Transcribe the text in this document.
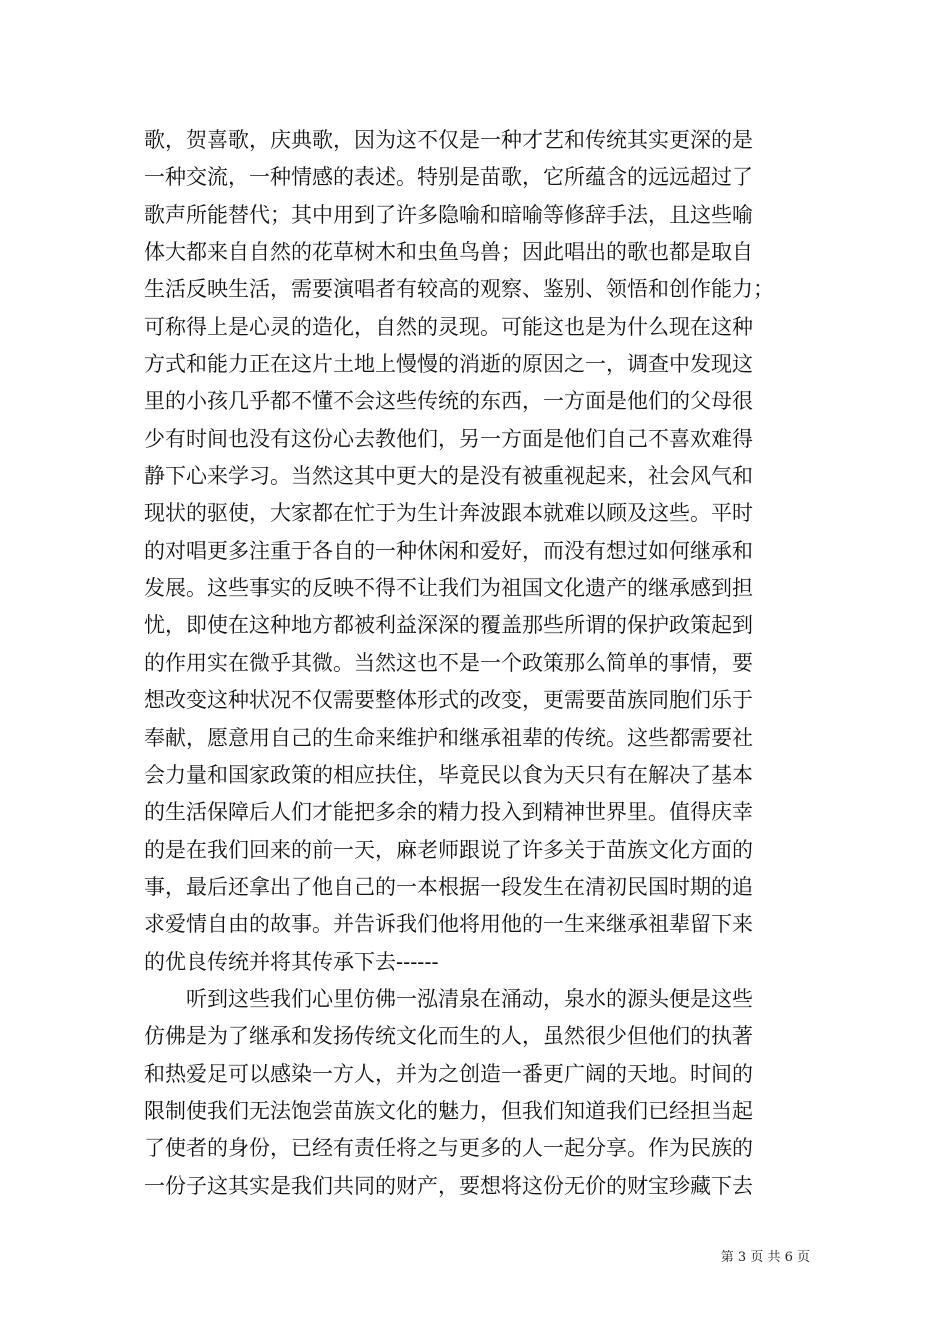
歌，贺喜歌，庆典歌，因为这不仅是一种才艺和传统其实更深的是
一种交流，一种情感的表述。特别是苗歌，它所蕴含的远远超过了
歌声所能替代；其中用到了许多隐喻和暗喻等修辞手法，且这些喻
体大都来自自然的花草树木和虫鱼鸟兽；因此唱出的歌也都是取自
生活反映生活，需要演唱者有较高的观察、鉴别、领悟和创作能力；
可称得上是心灵的造化，自然的灵现。可能这也是为什么现在这种
方式和能力正在这片土地上慢慢的消逝的原因之一，调查中发现这
里的小孩几乎都不懂不会这些传统的东西，一方面是他们的父母很
少有时间也没有这份心去教他们，另一方面是他们自己不喜欢难得
静下心来学习。当然这其中更大的是没有被重视起来，社会风气和
现状的驱使，大家都在忙于为生计奔波跟本就难以顾及这些。平时
的对唱更多注重于各自的一种休闲和爱好，而没有想过如何继承和
发展。这些事实的反映不得不让我们为祖国文化遗产的继承感到担
忧，即使在这种地方都被利益深深的覆盖那些所谓的保护政策起到
的作用实在微乎其微。当然这也不是一个政策那么简单的事情，要
想改变这种状况不仅需要整体形式的改变，更需要苗族同胞们乐于
奉献，愿意用自己的生命来维护和继承祖辈的传统。这些都需要社
会力量和国家政策的相应扶住，毕竟民以食为天只有在解决了基本
的生活保障后人们才能把多余的精力投入到精神世界里。值得庆幸
的是在我们回来的前一天，麻老师跟说了许多关于苗族文化方面的
事，最后还拿出了他自己的一本根据一段发生在清初民国时期的追
求爱情自由的故事。并告诉我们他将用他的一生来继承祖辈留下来
的优良传统并将其传承下去------
　　听到这些我们心里仿佛一泓清泉在涌动，泉水的源头便是这些
仿佛是为了继承和发扬传统文化而生的人，虽然很少但他们的执著
和热爱足可以感染一方人，并为之创造一番更广阔的天地。时间的
限制使我们无法饱尝苗族文化的魅力，但我们知道我们已经担当起
了使者的身份，已经有责任将之与更多的人一起分享。作为民族的
一份子这其实是我们共同的财产，要想将这份无价的财宝珍藏下去
第 3 页 共 6 页
